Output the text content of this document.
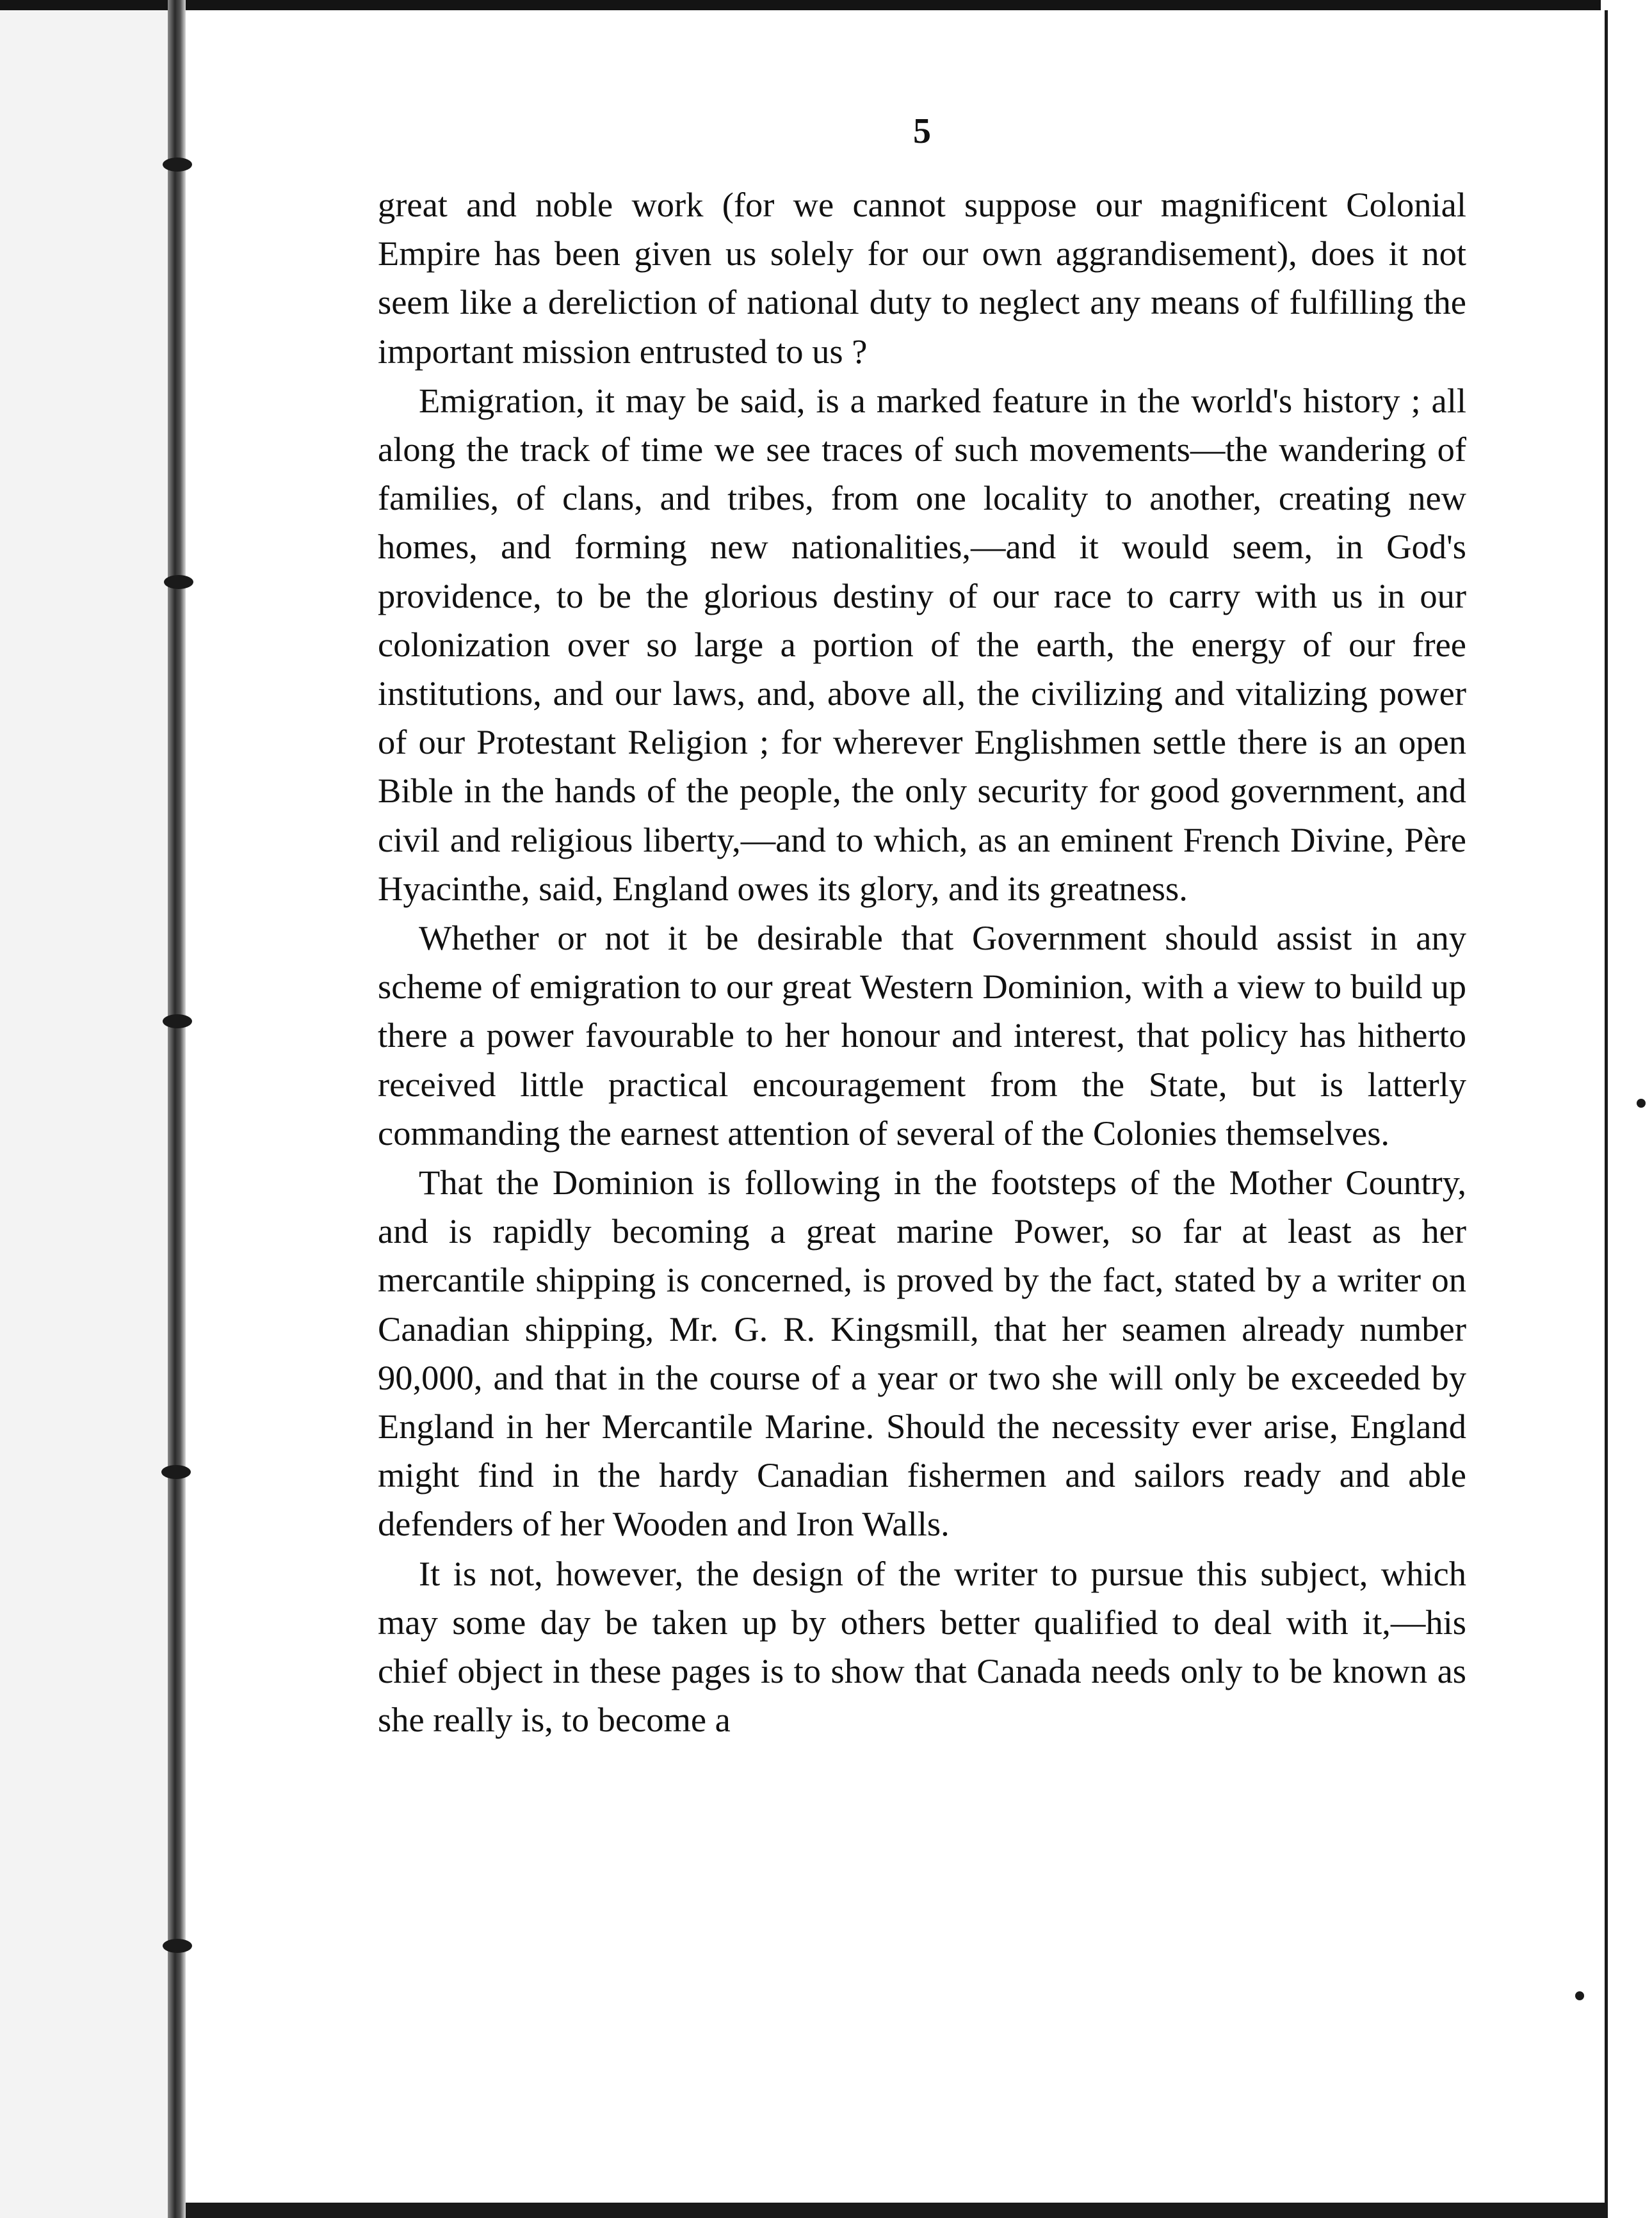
5

great and noble work (for we cannot suppose our magnificent Colonial Empire has been given us solely for our own aggrandisement), does it not seem like a dereliction of national duty to neglect any means of fulfilling the important mission entrusted to us ?

Emigration, it may be said, is a marked feature in the world's history ; all along the track of time we see traces of such movements—the wandering of families, of clans, and tribes, from one locality to another, creating new homes, and forming new nationalities,—and it would seem, in God's providence, to be the glorious destiny of our race to carry with us in our colonization over so large a portion of the earth, the energy of our free institutions, and our laws, and, above all, the civilizing and vitalizing power of our Protestant Religion ; for wherever Englishmen settle there is an open Bible in the hands of the people, the only security for good government, and civil and religious liberty,—and to which, as an eminent French Divine, Père Hyacinthe, said, England owes its glory, and its greatness.

Whether or not it be desirable that Government should assist in any scheme of emigration to our great Western Dominion, with a view to build up there a power favourable to her honour and interest, that policy has hitherto received little practical encouragement from the State, but is latterly commanding the earnest attention of several of the Colonies themselves.

That the Dominion is following in the footsteps of the Mother Country, and is rapidly becoming a great marine Power, so far at least as her mercantile shipping is concerned, is proved by the fact, stated by a writer on Canadian shipping, Mr. G. R. Kingsmill, that her seamen already number 90,000, and that in the course of a year or two she will only be exceeded by England in her Mercantile Marine. Should the necessity ever arise, England might find in the hardy Canadian fishermen and sailors ready and able defenders of her Wooden and Iron Walls.

It is not, however, the design of the writer to pursue this subject, which may some day be taken up by others better qualified to deal with it,—his chief object in these pages is to show that Canada needs only to be known as she really is, to become a
